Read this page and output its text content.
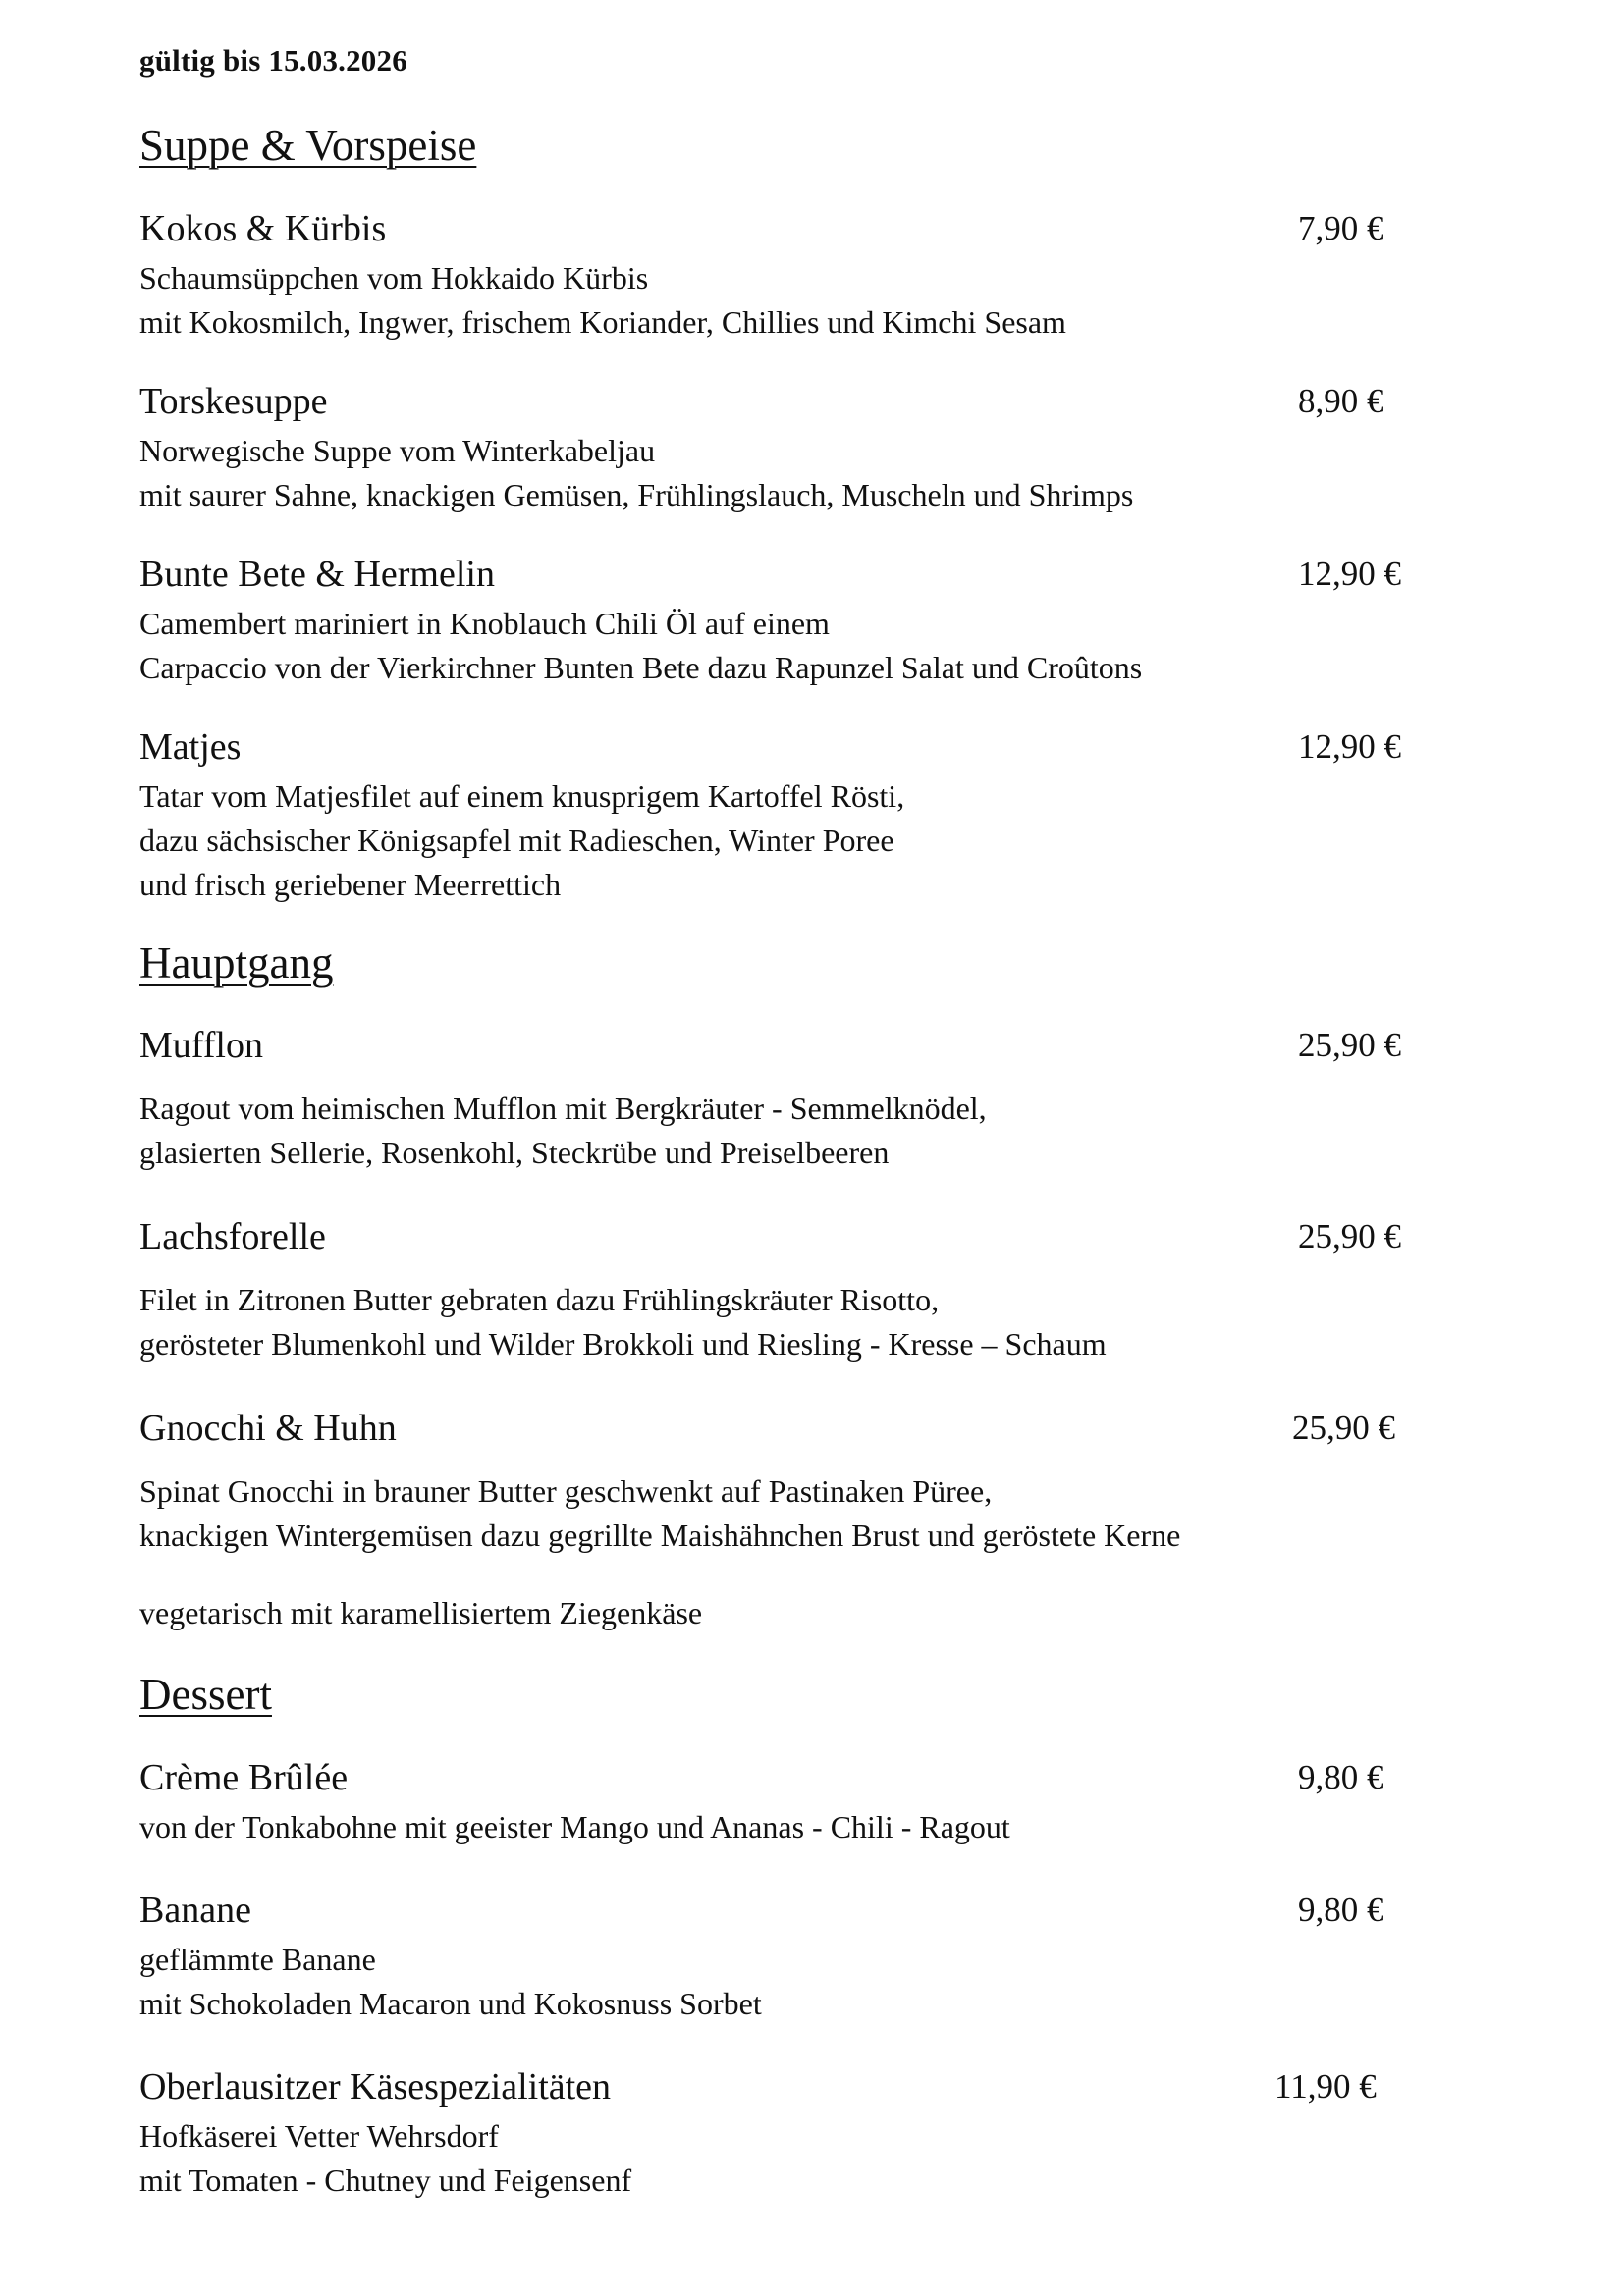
gültig bis 15.03.2026
Suppe & Vorspeise
Kokos & Kürbis	7,90 €
Schaumsüppchen vom Hokkaido Kürbis
mit Kokosmilch, Ingwer, frischem Koriander, Chillies und Kimchi Sesam
Torskesuppe	8,90 €
Norwegische Suppe vom Winterkabeljau
mit saurer Sahne, knackigen Gemüsen, Frühlingslauch, Muscheln und Shrimps
Bunte Bete & Hermelin	12,90 €
Camembert mariniert in Knoblauch Chili Öl auf einem
Carpaccio von der Vierkirchner Bunten Bete dazu Rapunzel Salat und Croûtons
Matjes	12,90 €
Tatar vom Matjesfilet auf einem knusprigem Kartoffel Rösti,
dazu sächsischer Königsapfel mit Radieschen, Winter Poree
und frisch geriebener Meerrettich
Hauptgang
Mufflon	25,90 €
Ragout vom heimischen Mufflon mit Bergkräuter - Semmelknödel,
glasierten Sellerie, Rosenkohl, Steckrübe und Preiselbeeren
Lachsforelle	25,90 €
Filet in Zitronen Butter gebraten dazu Frühlingskräuter Risotto,
gerösteter Blumenkohl und Wilder Brokkoli und Riesling - Kresse – Schaum
Gnocchi & Huhn	25,90 €
Spinat Gnocchi in brauner Butter geschwenkt auf Pastinaken Püree,
knackigen Wintergemüsen dazu gegrillte Maishähnchen Brust und geröstete Kerne
vegetarisch mit karamellisiertem Ziegenkäse
Dessert
Crème Brûlée	9,80 €
von der Tonkabohne mit geeister Mango und Ananas - Chili - Ragout
Banane	9,80 €
geflämmte Banane
mit Schokoladen Macaron und Kokosnuss Sorbet
Oberlausitzer Käsespezialitäten	11,90 €
Hofkäserei Vetter Wehrsdorf
mit Tomaten - Chutney und Feigensenf
